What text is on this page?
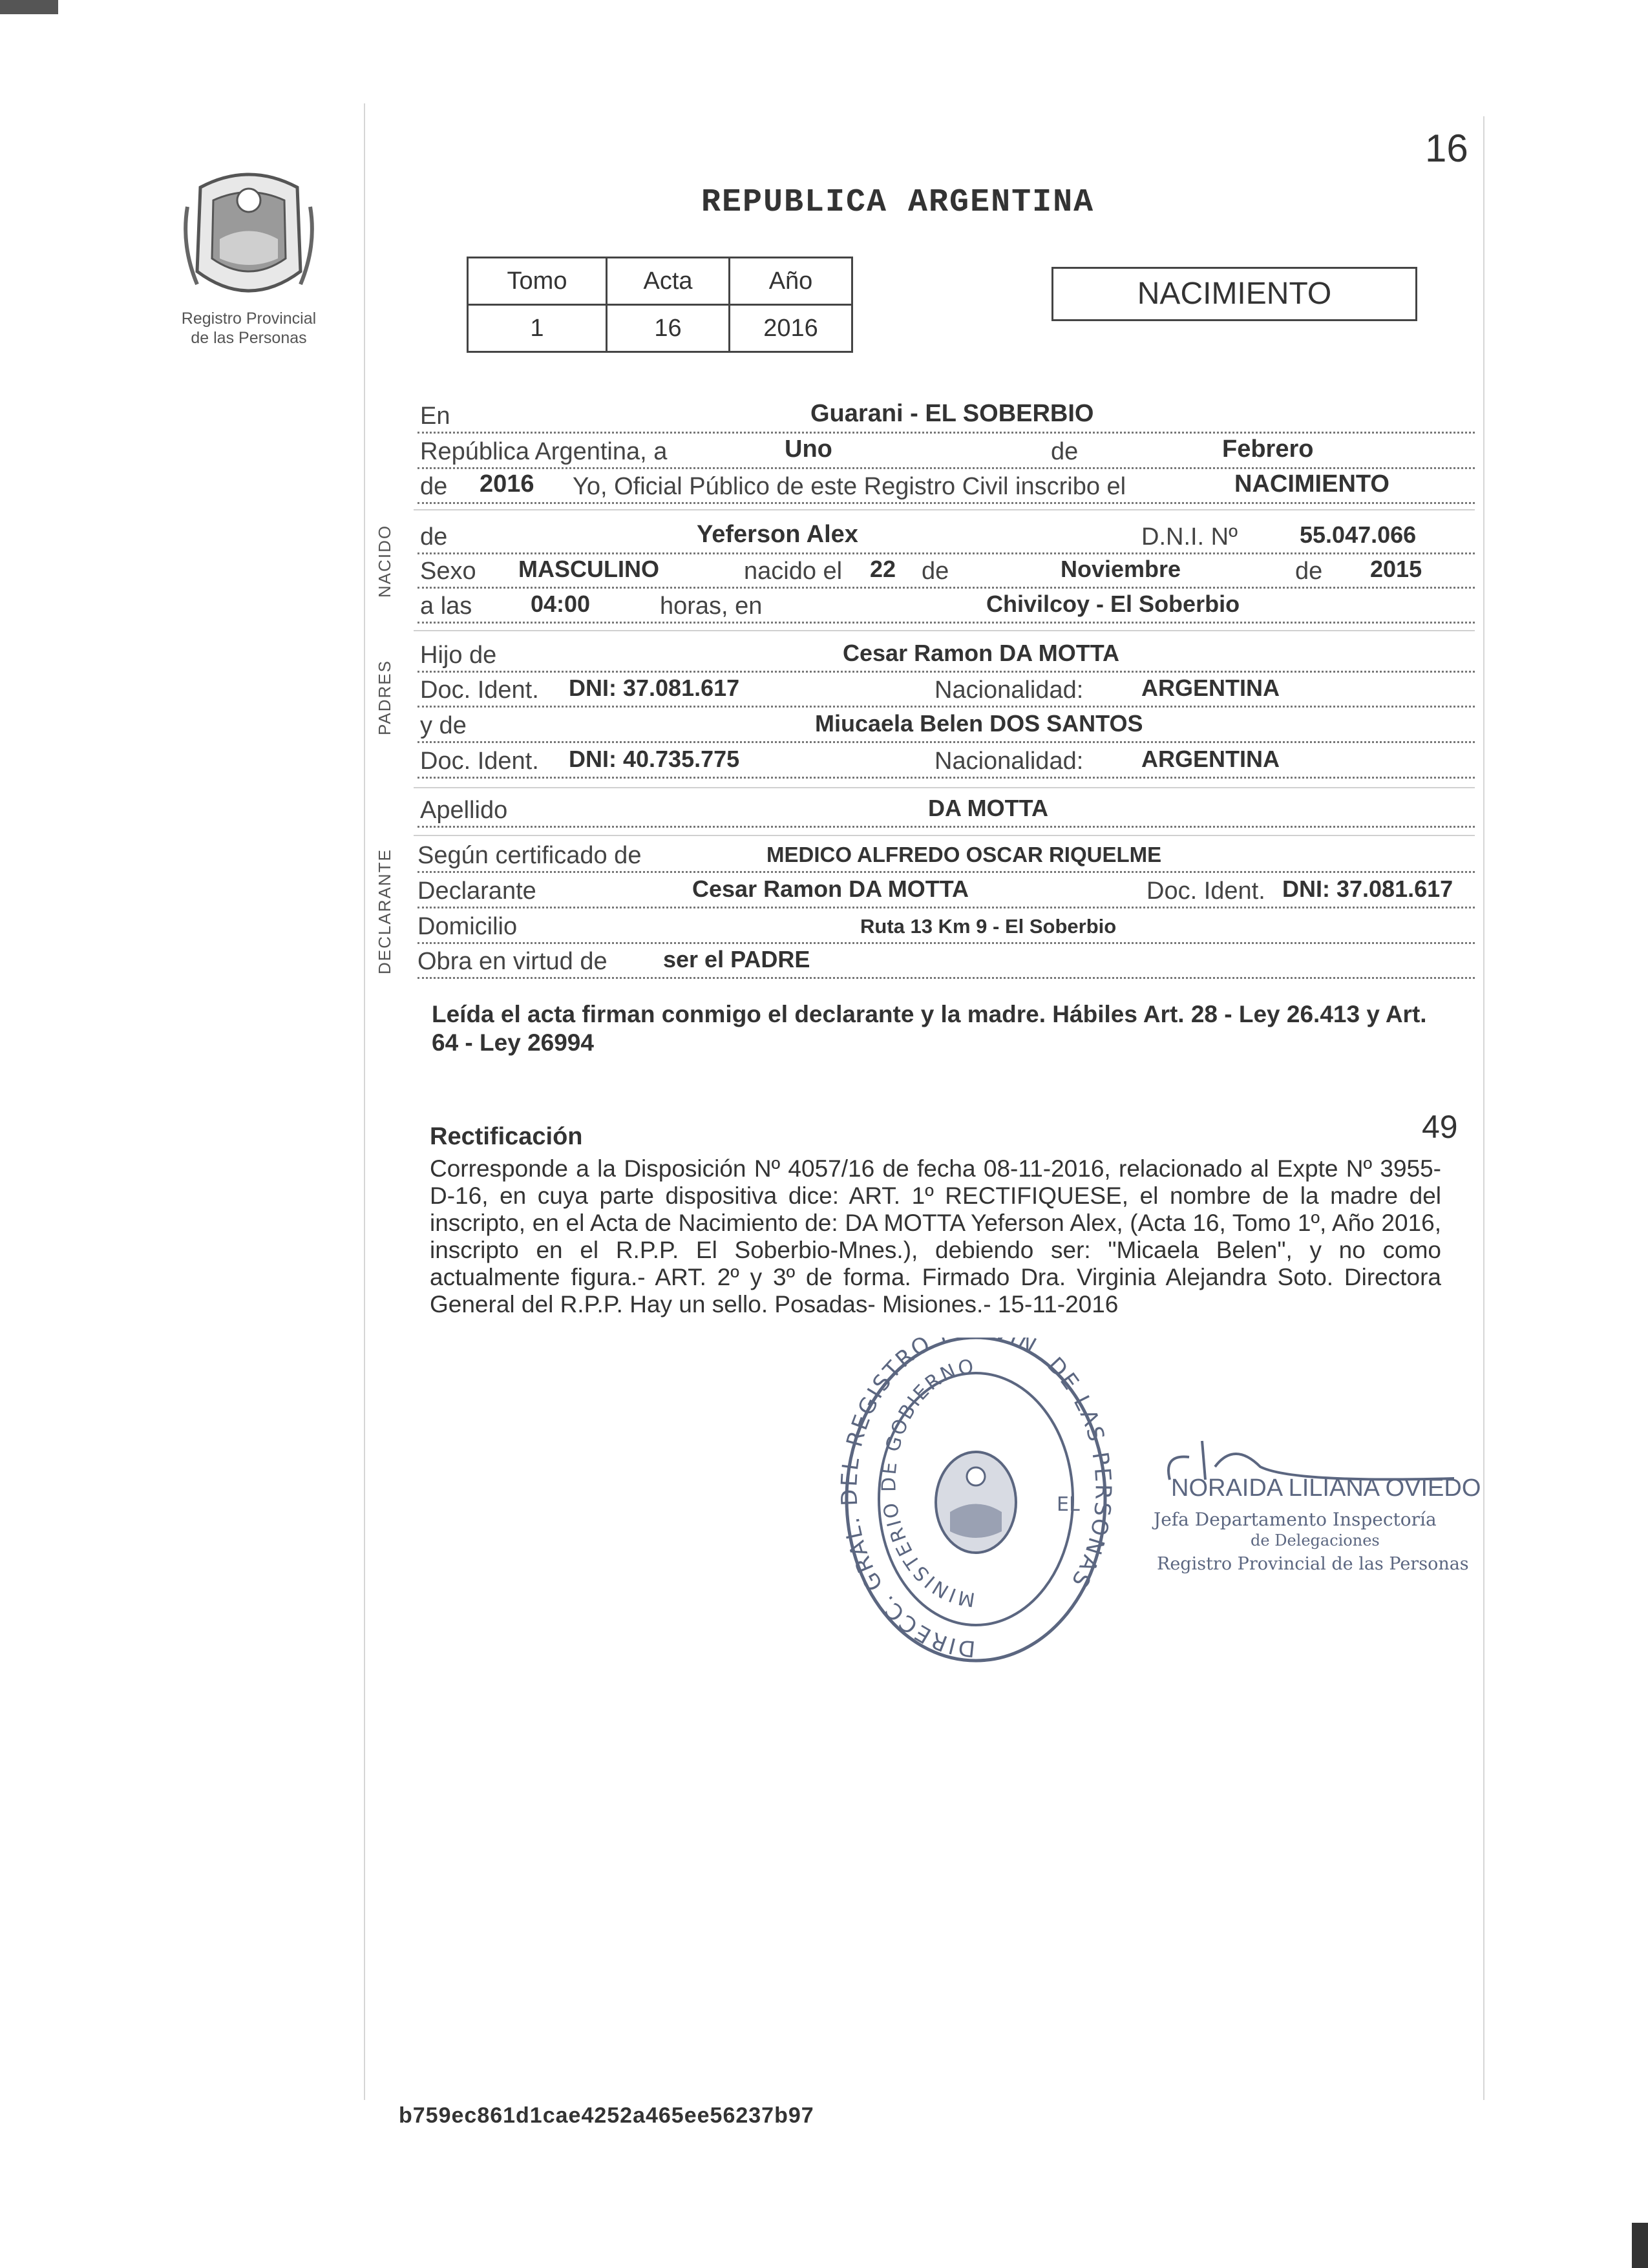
Registro Provincial
de las Personas
16
REPUBLICA ARGENTINA
Tomo	Acta	Año
1	16	2016
NACIMIENTO
En	Guarani - EL SOBERBIO
República Argentina, a	Uno	de	Febrero
de 2016 Yo, Oficial Público de este Registro Civil inscribo el	NACIMIENTO
NACIDO de	Yeferson Alex	D.N.I. Nº	55.047.066
Sexo MASCULINO	nacido el 22 de	Noviembre	de 2015
a las	04:00	horas, en	Chivilcoy - El Soberbio
PADRES
Hijo de	Cesar Ramon DA MOTTA
Doc. Ident. DNI: 37.081.617	Nacionalidad: ARGENTINA
y de	Miucaela Belen DOS SANTOS
Doc. Ident. DNI: 40.735.775	Nacionalidad: ARGENTINA
Apellido	DA MOTTA
DECLARANTE Según certificado de	MEDICO ALFREDO OSCAR RIQUELME
Declarante	Cesar Ramon DA MOTTA	Doc. Ident. DNI: 37.081.617
Domicilio	Ruta 13 Km 9 - El Soberbio
Obra en virtud de ser el PADRE
Leída el acta firman conmigo el declarante y la madre. Hábiles Art. 28 - Ley 26.413 y Art. 64 - Ley 26994
Rectificación	49
Corresponde a la Disposición Nº 4057/16 de fecha 08-11-2016, relacionado al Expte Nº 3955-D-16, en cuya parte dispositiva dice: ART. 1º RECTIFIQUESE, el nombre de la madre del inscripto, en el Acta de Nacimiento de: DA MOTTA Yeferson Alex, (Acta 16, Tomo 1º, Año 2016, inscripto en el R.P.P. El Soberbio-Mnes.), debiendo ser: "Micaela Belen", y no como actualmente figura.- ART. 2º y 3º de forma. Firmado Dra. Virginia Alejandra Soto. Directora General del R.P.P. Hay un sello. Posadas- Misiones.- 15-11-2016
DIRECC. GRAL. DEL REGISTRO IN. DE LAS PERSONAS
MINISTERIO DE GOBIERNO
EL
NORAIDA LILIANA OVIEDO
Jefa Departamento Inspectoría
de Delegaciones
Registro Provincial de las Personas
b759ec861d1cae4252a465ee56237b97
